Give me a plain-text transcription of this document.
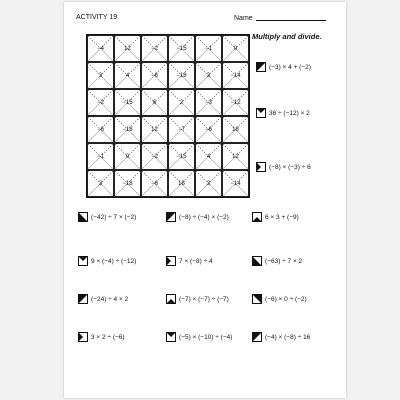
ACTIVITY 19	Name
Multiply and divide.
−4	12	−2	−15	−1	0
3	4	−6	−18	3	−14
−2	−15	6	2	−3	−12
−6	−18	12	−7	−6	18
−1	0	−2	−15	4	12
3	−18	−6	18	3	−14
(−3) × 4 + (−2)
36 ÷ (−12) × 2
(−8) × (−3) ÷ 6
(−42) ÷ 7 × (−2)	(−8) ÷ (−4) × (−2)	6 × 3 + (−9)
9 × (−4) ÷ (−12)	7 × (−8) ÷ 4	(−63) ÷ 7 × 2
(−24) ÷ 4 × 2	(−7) × (−7) ÷ (−7)	(−6) × 0 ÷ (−2)
3 × 2 ÷ (−6)	(−5) × (−10) ÷ (−4)	(−4) × (−8) ÷ 16
